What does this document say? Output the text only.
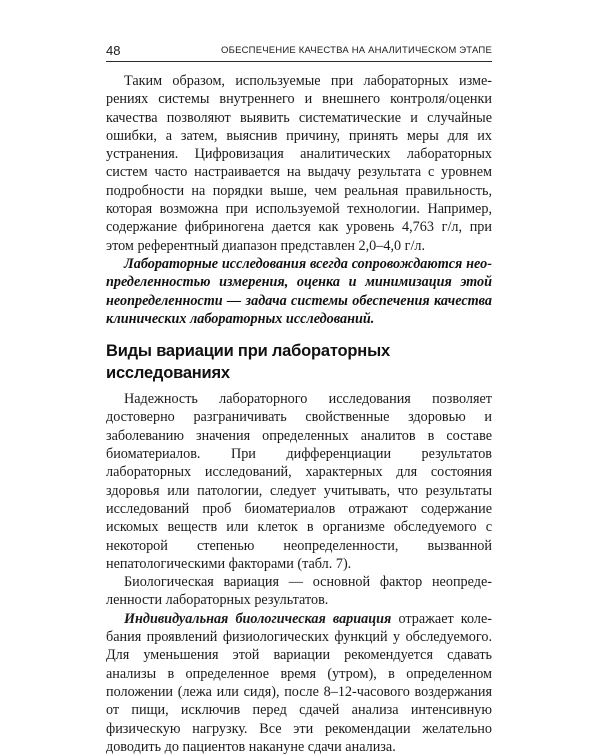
48	ОБЕСПЕЧЕНИЕ КАЧЕСТВА НА АНАЛИТИЧЕСКОМ ЭТАПЕ

Таким образом, используемые при лабораторных измерениях системы внутреннего и внешнего контроля/оценки качества позволяют выявить систематические и случайные ошибки, а затем, выяснив причину, принять меры для их устранения. Цифровизация аналитических лабораторных систем часто настраивается на выдачу результата с уровнем подробности на порядки выше, чем реальная правильность, которая возможна при используемой технологии. Например, содержание фибриногена дается как уровень 4,763 г/л, при этом референтный диапазон представлен 2,0–4,0 г/л.

Лабораторные исследования всегда сопровождаются неопределенностью измерения, оценка и минимизация этой неопределенности — задача системы обеспечения качества клинических лабораторных исследований.

Виды вариации при лабораторных исследованиях

Надежность лабораторного исследования позволяет достоверно разграничивать свойственные здоровью и заболеванию значения определенных аналитов в составе биоматериалов. При дифференциации результатов лабораторных исследований, характерных для состояния здоровья или патологии, следует учитывать, что результаты исследований проб биоматериалов отражают содержание искомых веществ или клеток в организме обследуемого с некоторой степенью неопределенности, вызванной непатологическими факторами (табл. 7).

Биологическая вариация — основной фактор неопределенности лабораторных результатов.

Индивидуальная биологическая вариация отражает колебания проявлений физиологических функций у обследуемого. Для уменьшения этой вариации рекомендуется сдавать анализы в определенное время (утром), в определенном положении (лежа или сидя), после 8–12-часового воздержания от пищи, исключив перед сдачей анализа интенсивную физическую нагрузку. Все эти рекомендации желательно доводить до пациентов накануне сдачи анализа.
